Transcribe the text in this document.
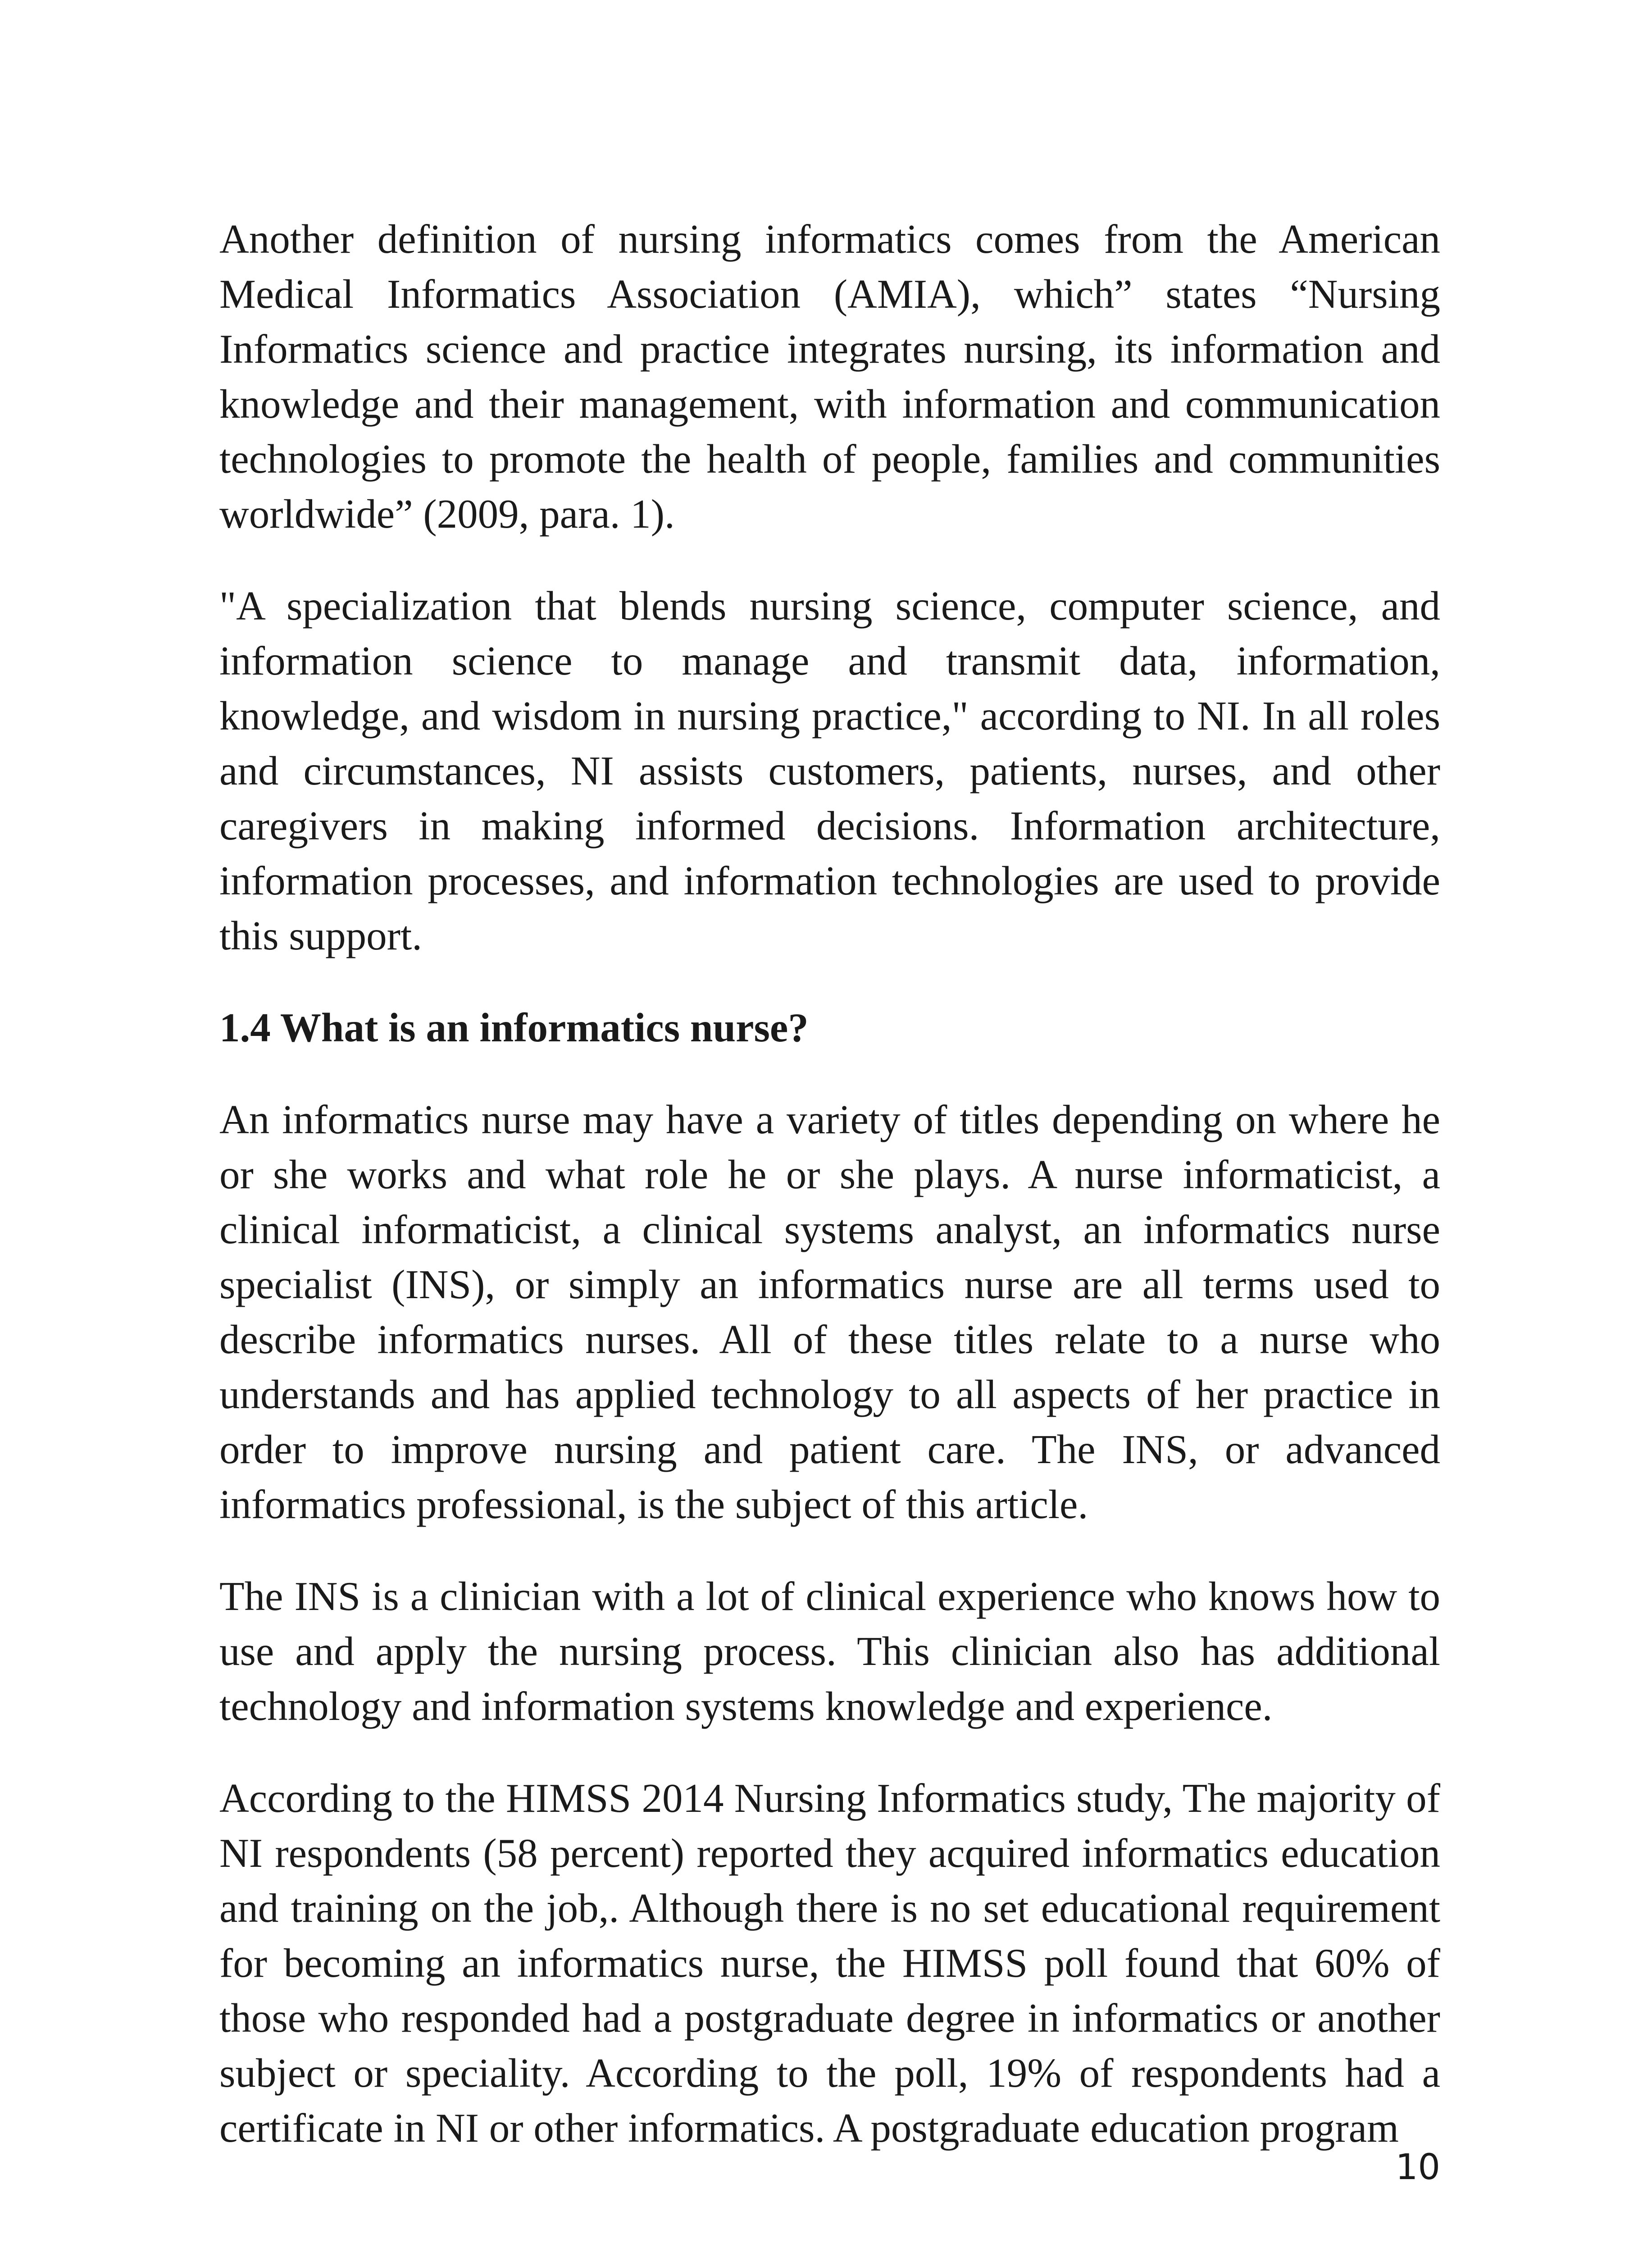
Another definition of nursing informatics comes from the American Medical Informatics Association (AMIA), which” states “Nursing Informatics science and practice integrates nursing, its information and knowledge and their management, with information and communication technologies to promote the health of people, families and communities worldwide” (2009, para. 1).

"A specialization that blends nursing science, computer science, and information science to manage and transmit data, information, knowledge, and wisdom in nursing practice," according to NI. In all roles and circumstances, NI assists customers, patients, nurses, and other caregivers in making informed decisions. Information architecture, information processes, and information technologies are used to provide this support.

1.4 What is an informatics nurse?

An informatics nurse may have a variety of titles depending on where he or she works and what role he or she plays. A nurse informaticist, a clinical informaticist, a clinical systems analyst, an informatics nurse specialist (INS), or simply an informatics nurse are all terms used to describe informatics nurses. All of these titles relate to a nurse who understands and has applied technology to all aspects of her practice in order to improve nursing and patient care. The INS, or advanced informatics professional, is the subject of this article.

The INS is a clinician with a lot of clinical experience who knows how to use and apply the nursing process. This clinician also has additional technology and information systems knowledge and experience.

According to the HIMSS 2014 Nursing Informatics study, The majority of NI respondents (58 percent) reported they acquired informatics education and training on the job,. Although there is no set educational requirement for becoming an informatics nurse, the HIMSS poll found that 60% of those who responded had a postgraduate degree in informatics or another subject or speciality. According to the poll, 19% of respondents had a certificate in NI or other informatics. A postgraduate education program

10
